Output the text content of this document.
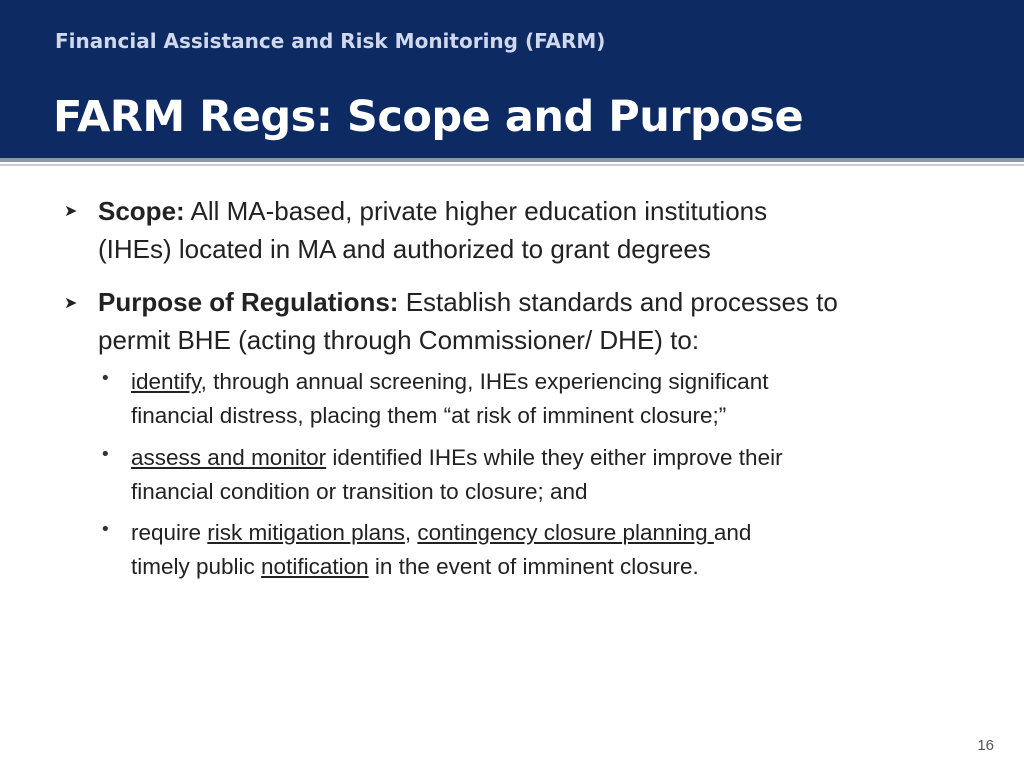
Financial Assistance and Risk Monitoring (FARM)
FARM Regs: Scope and Purpose
➤ Scope: All MA-based, private higher education institutions
(IHEs) located in MA and authorized to grant degrees
➤ Purpose of Regulations: Establish standards and processes to
permit BHE (acting through Commissioner/ DHE) to:
• identify, through annual screening, IHEs experiencing significant
financial distress, placing them “at risk of imminent closure;”
• assess and monitor identified IHEs while they either improve their
financial condition or transition to closure; and
• require risk mitigation plans, contingency closure planning and
timely public notification in the event of imminent closure.
16
